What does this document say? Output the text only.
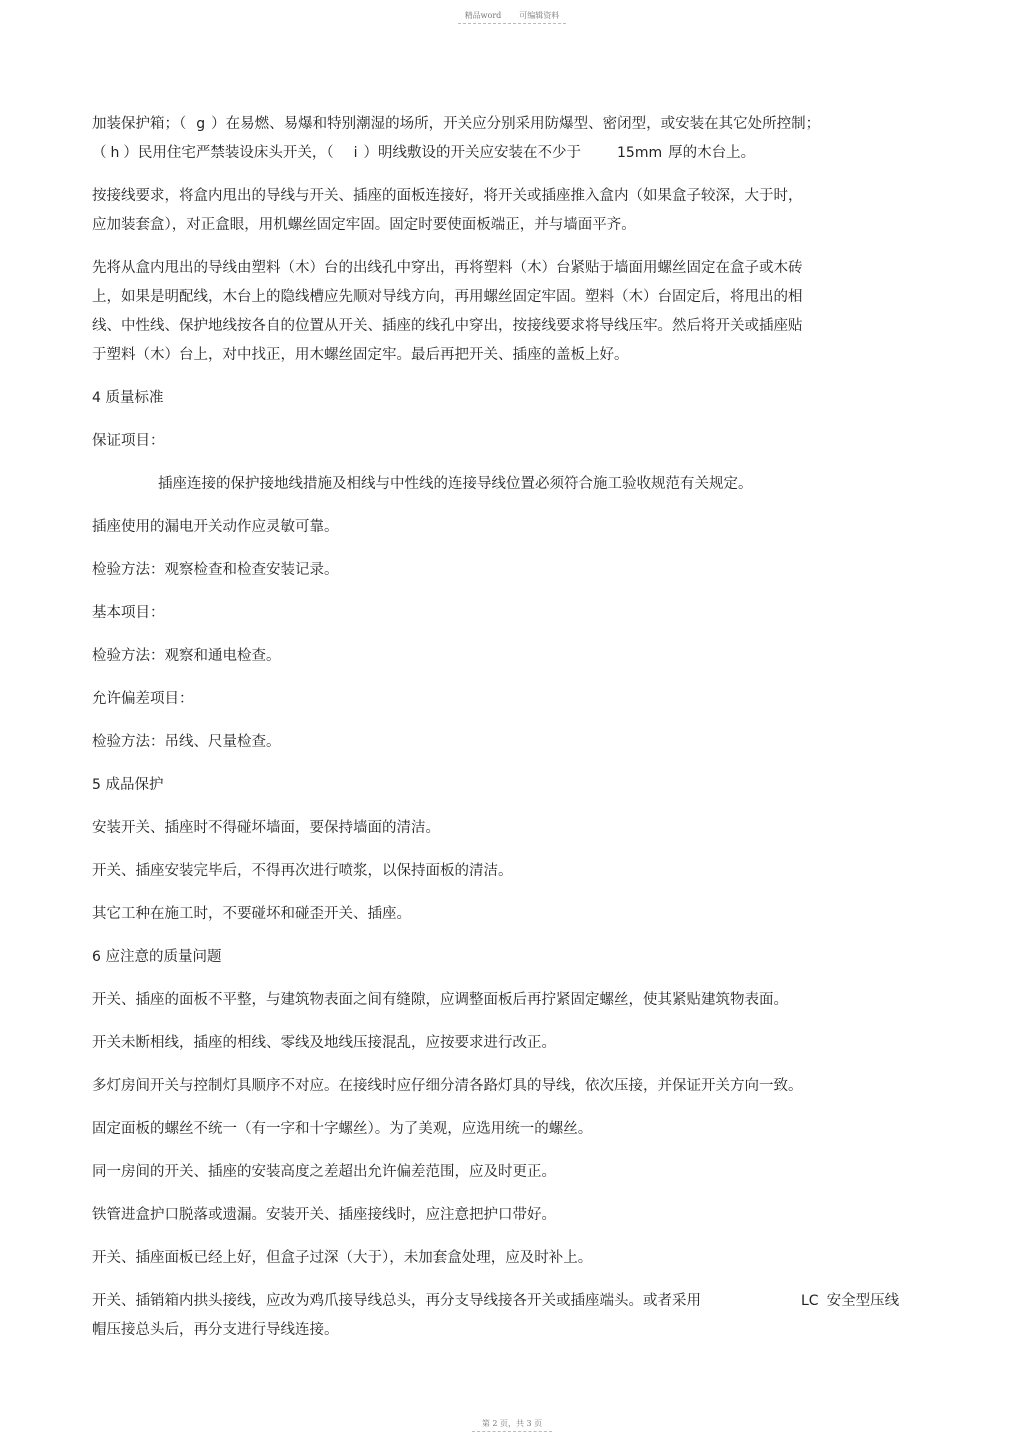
精品word 可编辑资料

加装保护箱；（ g ）在易燃、易爆和特别潮湿的场所，开关应分别采用防爆型、密闭型，或安装在其它处所控制；

（ h ）民用住宅严禁装设床头开关，（ i ）明线敷设的开关应安装在不少于	15mm 厚的木台上。

按接线要求，将盒内甩出的导线与开关、插座的面板连接好，将开关或插座推入盒内（如果盒子较深，大于时，

应加装套盒），对正盒眼，用机螺丝固定牢固。固定时要使面板端正，并与墙面平齐。

先将从盒内甩出的导线由塑料（木）台的出线孔中穿出，再将塑料（木）台紧贴于墙面用螺丝固定在盒子或木砖

上，如果是明配线，木台上的隐线槽应先顺对导线方向，再用螺丝固定牢固。塑料（木）台固定后，将甩出的相

线、中性线、保护地线按各自的位置从开关、插座的线孔中穿出，按接线要求将导线压牢。然后将开关或插座贴

于塑料（木）台上，对中找正，用木螺丝固定牢。最后再把开关、插座的盖板上好。

4 质量标准

保证项目：

插座连接的保护接地线措施及相线与中性线的连接导线位置必须符合施工验收规范有关规定。

插座使用的漏电开关动作应灵敏可靠。

检验方法：观察检查和检查安装记录。

基本项目：

检验方法：观察和通电检查。

允许偏差项目：

检验方法：吊线、尺量检查。

5 成品保护

安装开关、插座时不得碰坏墙面，要保持墙面的清洁。

开关、插座安装完毕后，不得再次进行喷浆，以保持面板的清洁。

其它工种在施工时，不要碰坏和碰歪开关、插座。

6 应注意的质量问题

开关、插座的面板不平整，与建筑物表面之间有缝隙，应调整面板后再拧紧固定螺丝，使其紧贴建筑物表面。

开关未断相线，插座的相线、零线及地线压接混乱，应按要求进行改正。

多灯房间开关与控制灯具顺序不对应。在接线时应仔细分清各路灯具的导线，依次压接，并保证开关方向一致。

固定面板的螺丝不统一（有一字和十字螺丝）。为了美观，应选用统一的螺丝。

同一房间的开关、插座的安装高度之差超出允许偏差范围，应及时更正。

铁管进盒护口脱落或遗漏。安装开关、插座接线时，应注意把护口带好。

开关、插座面板已经上好，但盒子过深（大于），未加套盒处理，应及时补上。

开关、插销箱内拱头接线，应改为鸡爪接导线总头，再分支导线接各开关或插座端头。或者采用	LC 安全型压线

帽压接总头后，再分支进行导线连接。

第 2 页，共 3 页
